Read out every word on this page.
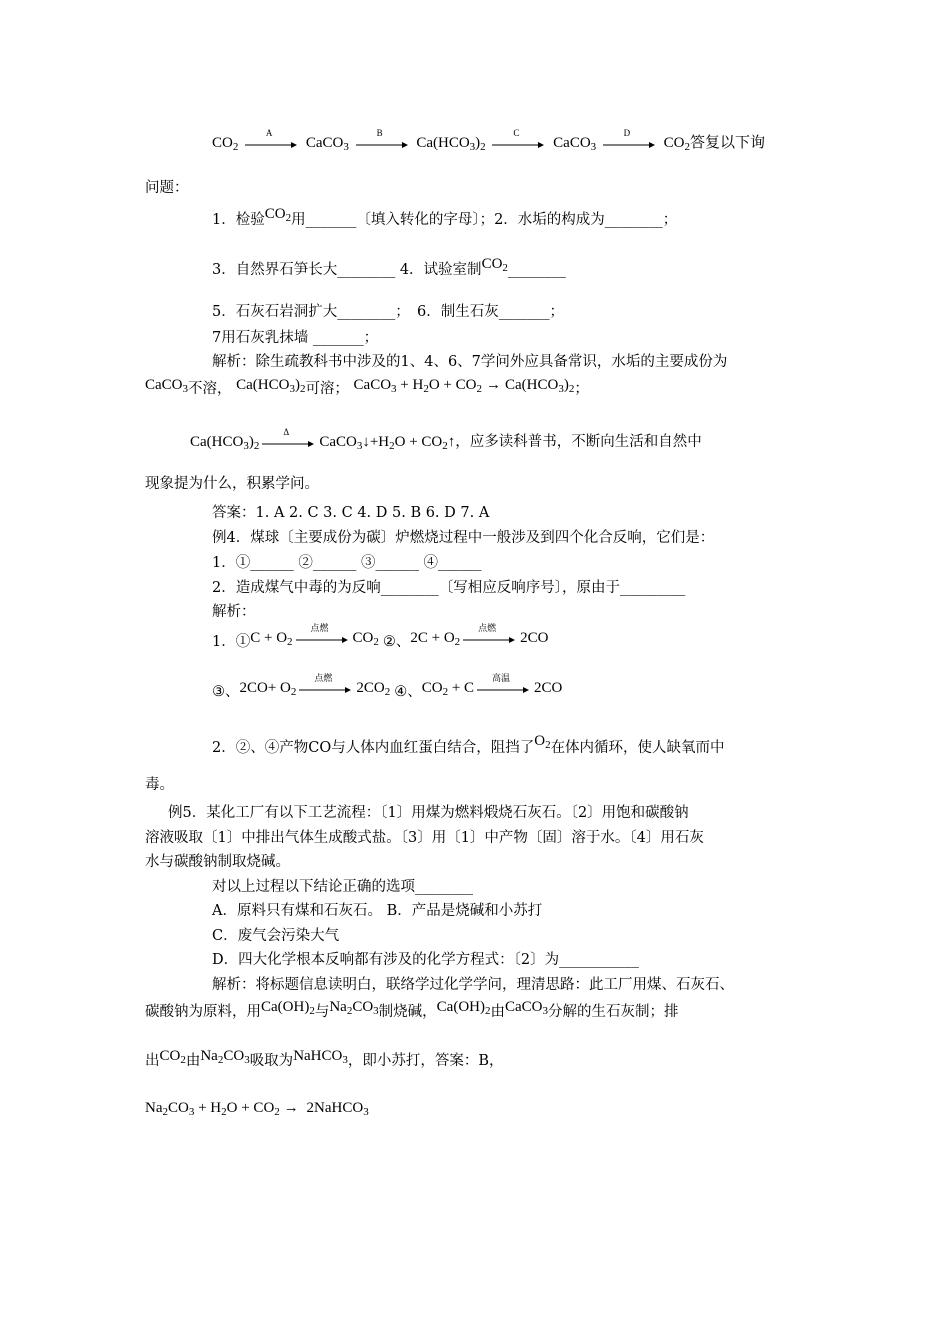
$CO_2$
A
CaCO$_3$
B
$Ca(HCO_3)_2$
C
CaCO$_3$
D
$CO_2$答复以下询
问题：
1．检验$CO_2$用_______〔填入转化的字母〕；2．水垢的构成为________；
3．自然界石笋长大________ 4．试验室制$CO_2\_\_\_\_\_\_\_\_$
5．石灰石岩洞扩大________；　6．制生石灰_______；
7用石灰乳抹墙 _______；
解析：除生疏教科书中涉及的1、4、6、7学问外应具备常识，水垢的主要成份为
CaCO$_3$不溶， $Ca(HCO_3)_2$可溶； CaCO$_3$ + $H_2O + CO_2 \to Ca(HCO_3)_2$；
$Ca(HCO_3)_2$
Δ
$CaCO_3↓+H_2O$ + $CO_2↑$，应多读科普书，不断向生活和自然中
现象提为什么，积累学问。
答案：1. A 2. C 3. C 4. D 5. B 6. D 7. A
例4．煤球〔主要成份为碳〕炉燃烧过程中一般涉及到四个化合反响，它们是：
1．①______ ②______ ③______ ④______
2．造成煤气中毒的为反响________〔写相应反响序号〕，原由于_________
解析：
1．①C + $O_2$
点燃
$CO_2$ ②、$2C + O_2$
点燃
2CO
③、$2CO+ O_2$
点燃
$2CO_2$ ④、$CO_2 + C$
高温
2CO
2．②、④产物CO与人体内血红蛋白结合，阻挡了$O_2$在体内循环，使人缺氧而中
毒。
例5．某化工厂有以下工艺流程：〔1〕用煤为燃料煅烧石灰石。〔2〕用饱和碳酸钠
溶液吸取〔1〕中排出气体生成酸式盐。〔3〕用〔1〕中产物〔固〕溶于水。〔4〕用石灰
水与碳酸钠制取烧碱。
对以上过程以下结论正确的选项________
A．原料只有煤和石灰石。 B．产品是烧碱和小苏打
C．废气会污染大气
D．四大化学根本反响都有涉及的化学方程式：〔2〕为___________
解析：将标题信息读明白，联络学过化学学问，理清思路：此工厂用煤、石灰石、
碳酸钠为原料，用$Ca(OH)_2$与$Na_2CO_3$制烧碱，$Ca(OH)_2$由CaCO$_3$分解的生石灰制；排
出$CO_2$由$Na_2CO_3$吸取为NaHCO$_3$，即小苏打，答案：B，
$Na_2CO_3 + H_2O + CO_2$ → 2NaHCO$_3$
